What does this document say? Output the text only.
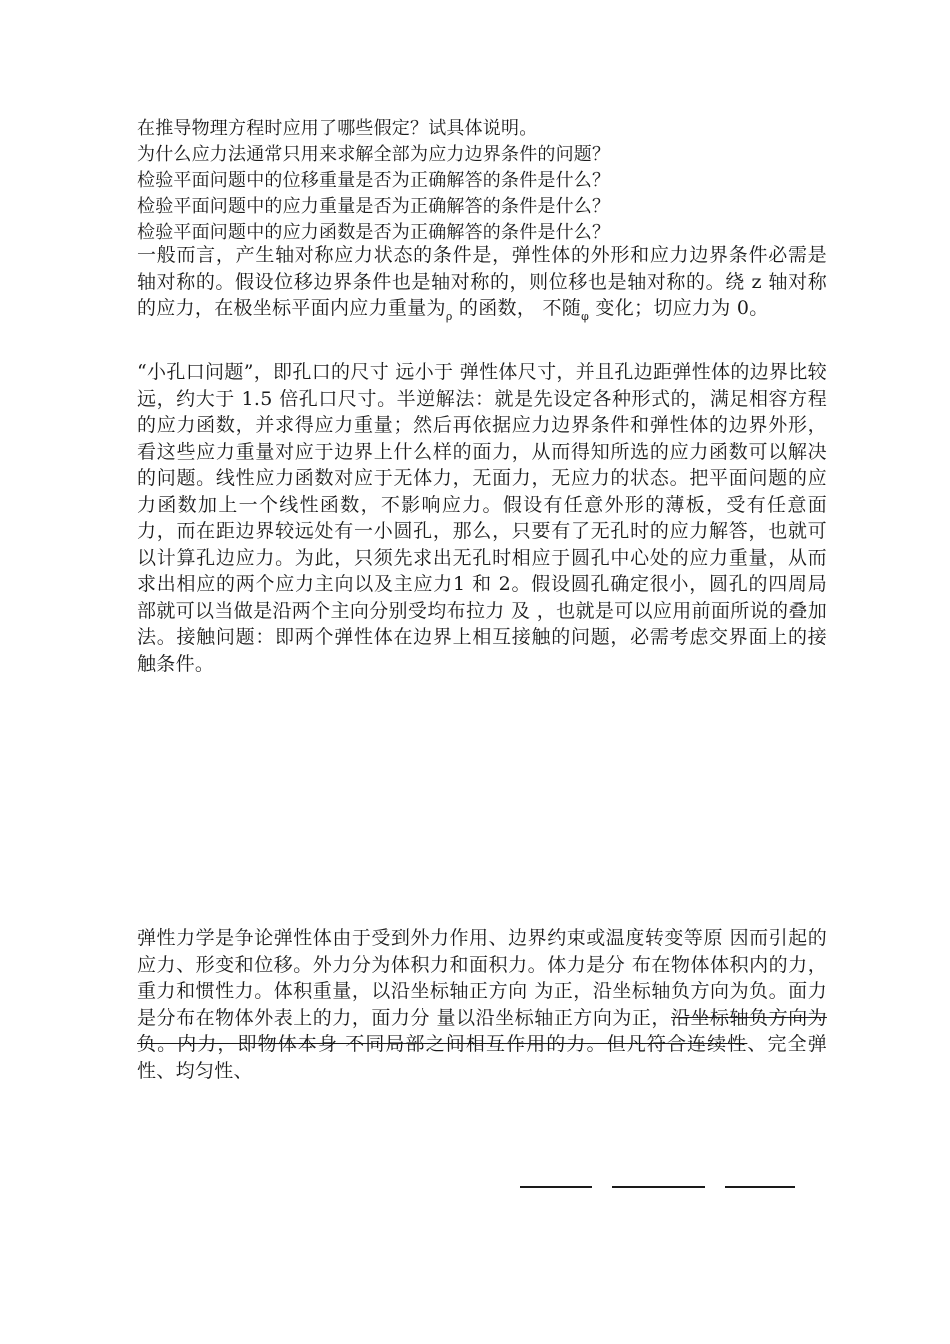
在推导物理方程时应用了哪些假定？试具体说明。
为什么应力法通常只用来求解全部为应力边界条件的问题？
检验平面问题中的位移重量是否为正确解答的条件是什么？
检验平面问题中的应力重量是否为正确解答的条件是什么？
检验平面问题中的应力函数是否为正确解答的条件是什么？
一般而言，产生轴对称应力状态的条件是，弹性体的外形和应力边界条件必需是轴对称的。假设位移边界条件也是轴对称的，则位移也是轴对称的。绕 z 轴对称的应力，在极坐标平面内应力重量为$_\rho$ 的函数， 不随$_\varphi$ 变化；切应力为 0。
“小孔口问题”，即孔口的尺寸 远小于 弹性体尺寸，并且孔边距弹性体的边界比较远，约大于 1.5 倍孔口尺寸。半逆解法：就是先设定各种形式的，满足相容方程的应力函数，并求得应力重量；然后再依据应力边界条件和弹性体的边界外形，看这些应力重量对应于边界上什么样的面力，从而得知所选的应力函数可以解决的问题。线性应力函数对应于无体力，无面力，无应力的状态。把平面问题的应力函数加上一个线性函数，不影响应力。假设有任意外形的薄板，受有任意面力，而在距边界较远处有一小圆孔，那么，只要有了无孔时的应力解答，也就可以计算孔边应力。为此，只须先求出无孔时相应于圆孔中心处的应力重量，从而求出相应的两个应力主向以及主应力1 和 2。假设圆孔确定很小，圆孔的四周局部就可以当做是沿两个主向分别受均布拉力 及 ，也就是可以应用前面所说的叠加法。接触问题：即两个弹性体在边界上相互接触的问题，必需考虑交界面上的接触条件。
弹性力学是争论弹性体由于受到外力作用、边界约束或温度转变等原 因而引起的应力、形变和位移。外力分为体积力和面积力。体力是分 布在物体体积内的力，重力和惯性力。体积重量，以沿坐标轴正方向 为正，沿坐标轴负方向为负。面力是分布在物体外表上的力，面力分 量以沿坐标轴正方向为正，沿坐标轴负方向为负。内力，即物体本身 不同局部之间相互作用的力。但凡符合连续性、完全弹性、均匀性、
